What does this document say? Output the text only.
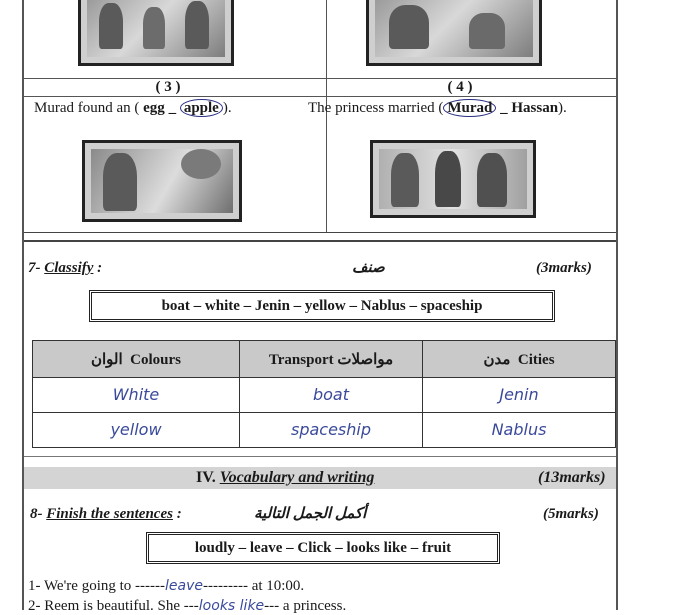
( 3 )	( 4 )
Murad found an ( egg _ apple ).	The princess married ( Murad _ Hassan).
7- Classify :	صنف	(3marks)
boat – white – Jenin – yellow – Nablus – spaceship
الوان Colours	Transport مواصلات	مدن Cities
White	boat	Jenin
yellow	spaceship	Nablus
IV. Vocabulary and writing	(13marks)
8- Finish the sentences :	أكمل الجمل التالية	(5marks)
loudly – leave – Click – looks like – fruit
1- We're going to ------leave--------- at 10:00.
2- Reem is beautiful. She ---looks like--- a princess.
